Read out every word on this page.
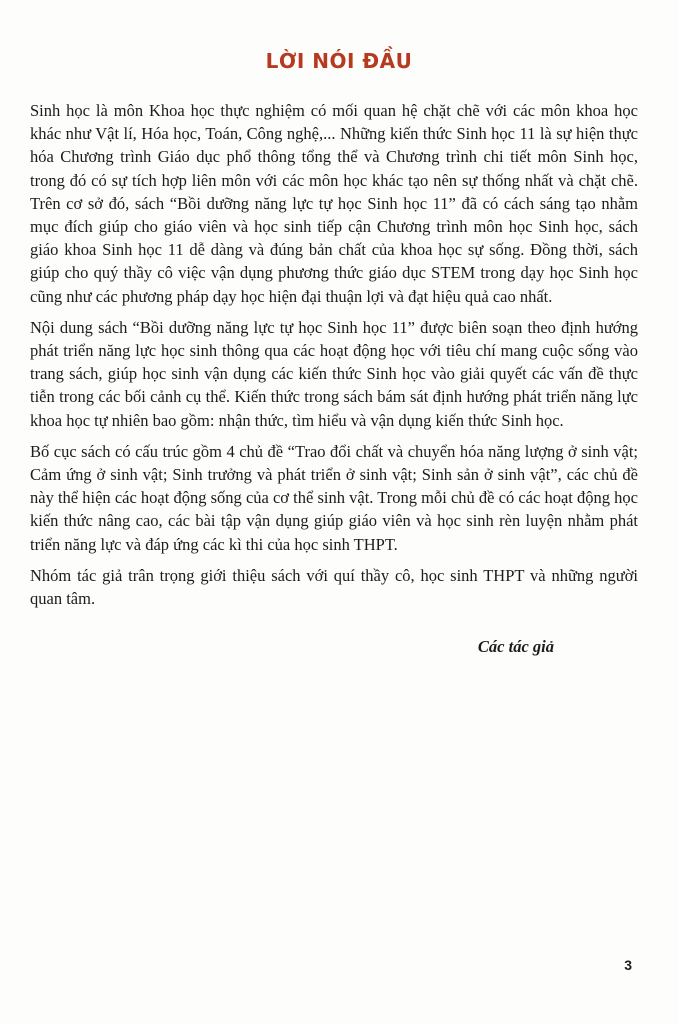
LỜI NÓI ĐẦU

Sinh học là môn Khoa học thực nghiệm có mối quan hệ chặt chẽ với các môn khoa học khác như Vật lí, Hóa học, Toán, Công nghệ,... Những kiến thức Sinh học 11 là sự hiện thực hóa Chương trình Giáo dục phổ thông tổng thể và Chương trình chi tiết môn Sinh học, trong đó có sự tích hợp liên môn với các môn học khác tạo nên sự thống nhất và chặt chẽ. Trên cơ sở đó, sách “Bồi dưỡng năng lực tự học Sinh học 11” đã có cách sáng tạo nhằm mục đích giúp cho giáo viên và học sinh tiếp cận Chương trình môn học Sinh học, sách giáo khoa Sinh học 11 dễ dàng và đúng bản chất của khoa học sự sống. Đồng thời, sách giúp cho quý thầy cô việc vận dụng phương thức giáo dục STEM trong dạy học Sinh học cũng như các phương pháp dạy học hiện đại thuận lợi và đạt hiệu quả cao nhất.

Nội dung sách “Bồi dưỡng năng lực tự học Sinh học 11” được biên soạn theo định hướng phát triển năng lực học sinh thông qua các hoạt động học với tiêu chí mang cuộc sống vào trang sách, giúp học sinh vận dụng các kiến thức Sinh học vào giải quyết các vấn đề thực tiễn trong các bối cảnh cụ thể. Kiến thức trong sách bám sát định hướng phát triển năng lực khoa học tự nhiên bao gồm: nhận thức, tìm hiểu và vận dụng kiến thức Sinh học.

Bố cục sách có cấu trúc gồm 4 chủ đề “Trao đổi chất và chuyển hóa năng lượng ở sinh vật; Cảm ứng ở sinh vật; Sinh trưởng và phát triển ở sinh vật; Sinh sản ở sinh vật”, các chủ đề này thể hiện các hoạt động sống của cơ thể sinh vật. Trong mỗi chủ đề có các hoạt động học kiến thức nâng cao, các bài tập vận dụng giúp giáo viên và học sinh rèn luyện nhằm phát triển năng lực và đáp ứng các kì thi của học sinh THPT.

Nhóm tác giả trân trọng giới thiệu sách với quí thầy cô, học sinh THPT và những người quan tâm.

Các tác giả
3
